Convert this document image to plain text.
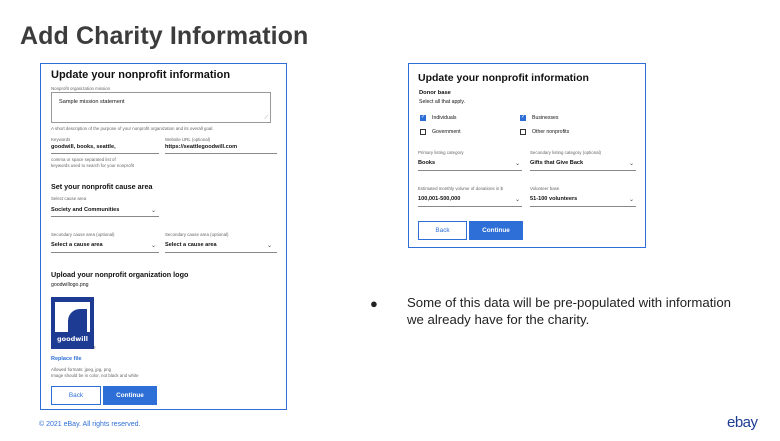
Add Charity Information
Update your nonprofit information
Nonprofit organization mission
Sample mission statement
⟋
A short description of the purpose of your nonprofit organization and its overall goal.
Keywords
goodwill, books, seattle,
comma or space separated list of
keywords used to search for your nonprofit
Website URL (optional)
https://seattlegoodwill.com
Set your nonprofit cause area
Select cause area
Society and Communities	⌄
Secondary cause area (optional)
Select a cause area	⌄
Secondary cause area (optional)
Select a cause area	⌄
Upload your nonprofit organization logo
goodwillogo.png
goodwill
®
Replace file
Allowed formats: jpeg, jpg, png
Image should be in color, not black and white
Back	Continue
Update your nonprofit information
Donor base
Select all that apply.
✓
Individuals
✓	Businesses
Government	Other nonprofits
Primary listing category
Books	⌄
Secondary listing category (optional)
Gifts that Give Back	⌄
Estimated monthly volume of donations in $
100,001-500,000	⌄
Volunteer base
51-100 volunteers	⌄
Back	Continue
● Some of this data will be pre-populated with information we already have for the charity.
© 2021 eBay. All rights reserved.	ebay
